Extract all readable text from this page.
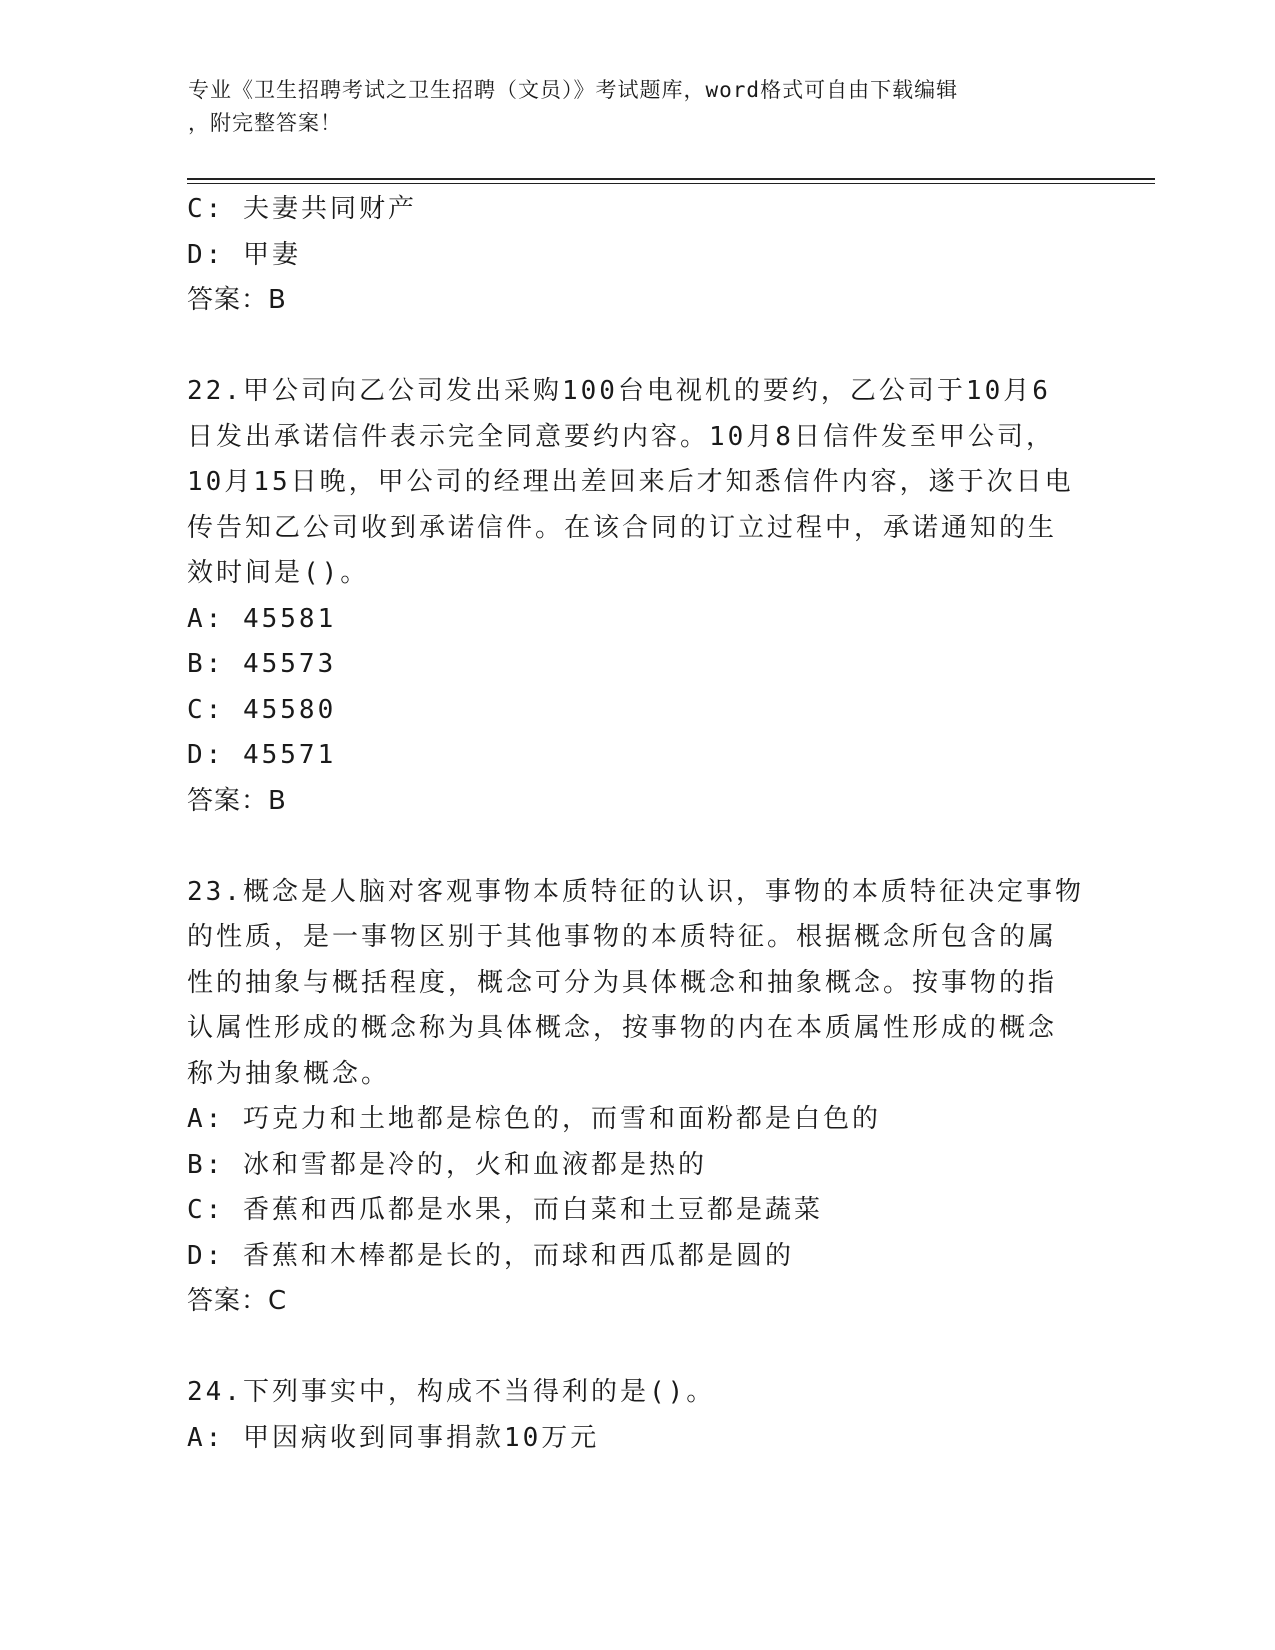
专业《卫生招聘考试之卫生招聘（文员）》考试题库，word格式可自由下载编辑
，附完整答案！
C: 夫妻共同财产
D: 甲妻
答案：B
22.甲公司向乙公司发出采购100台电视机的要约，乙公司于10月6
日发出承诺信件表示完全同意要约内容。10月8日信件发至甲公司，
10月15日晚，甲公司的经理出差回来后才知悉信件内容，遂于次日电
传告知乙公司收到承诺信件。在该合同的订立过程中，承诺通知的生
效时间是()。
A: 45581
B: 45573
C: 45580
D: 45571
答案：B
23.概念是人脑对客观事物本质特征的认识，事物的本质特征决定事物
的性质，是一事物区别于其他事物的本质特征。根据概念所包含的属
性的抽象与概括程度，概念可分为具体概念和抽象概念。按事物的指
认属性形成的概念称为具体概念，按事物的内在本质属性形成的概念
称为抽象概念。
A: 巧克力和土地都是棕色的，而雪和面粉都是白色的
B: 冰和雪都是冷的，火和血液都是热的
C: 香蕉和西瓜都是水果，而白菜和土豆都是蔬菜
D: 香蕉和木棒都是长的，而球和西瓜都是圆的
答案：C
24.下列事实中，构成不当得利的是()。
A: 甲因病收到同事捐款10万元
